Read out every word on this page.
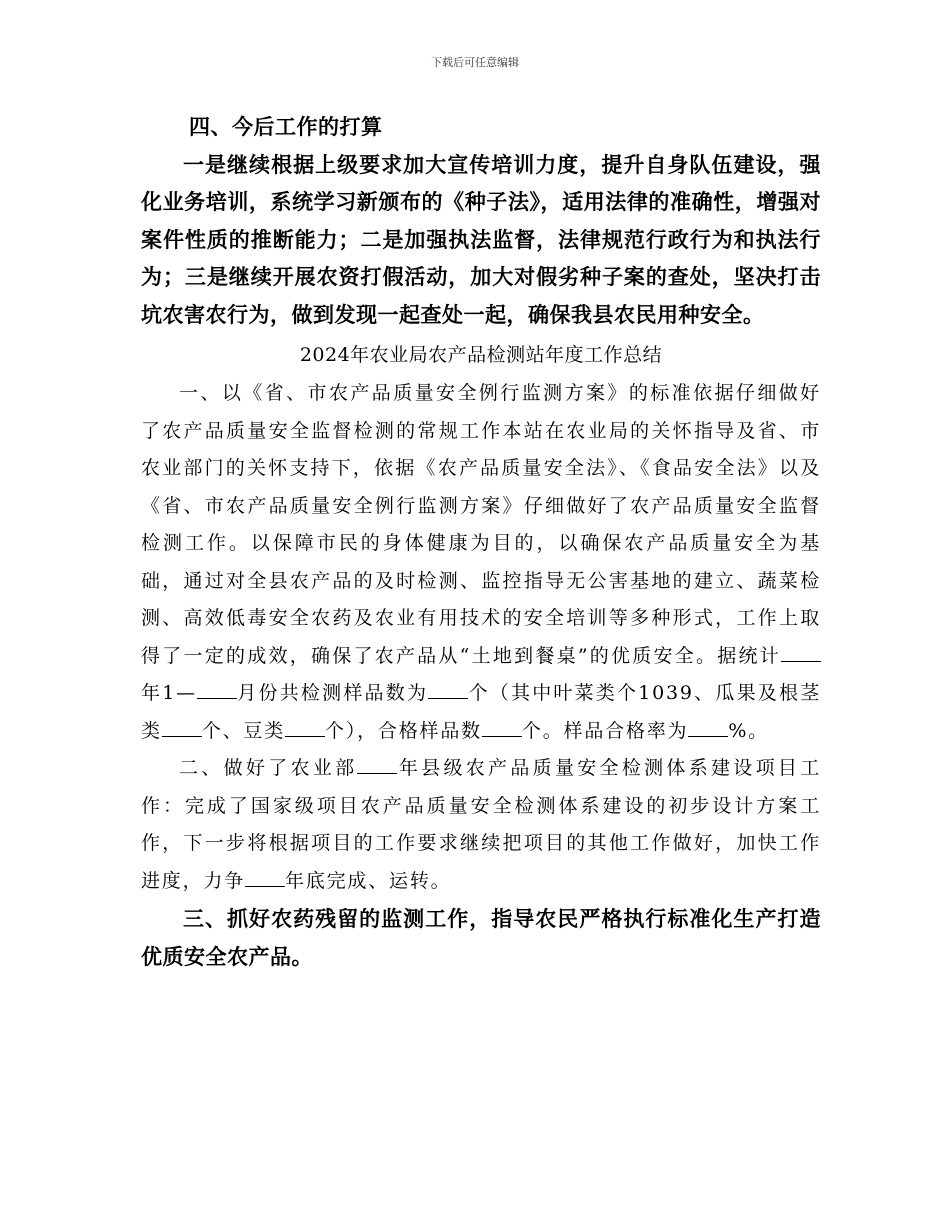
下载后可任意编辑

四、今后工作的打算

一是继续根据上级要求加大宣传培训力度，提升自身队伍建设，强化业务培训，系统学习新颁布的《种子法》，适用法律的准确性，增强对案件性质的推断能力；二是加强执法监督，法律规范行政行为和执法行为；三是继续开展农资打假活动，加大对假劣种子案的查处，坚决打击坑农害农行为，做到发现一起查处一起，确保我县农民用种安全。

2024年农业局农产品检测站年度工作总结

一、以《省、市农产品质量安全例行监测方案》的标准依据仔细做好了农产品质量安全监督检测的常规工作本站在农业局的关怀指导及省、市农业部门的关怀支持下，依据《农产品质量安全法》、《食品安全法》以及《省、市农产品质量安全例行监测方案》仔细做好了农产品质量安全监督检测工作。以保障市民的身体健康为目的，以确保农产品质量安全为基础，通过对全县农产品的及时检测、监控指导无公害基地的建立、蔬菜检测、高效低毒安全农药及农业有用技术的安全培训等多种形式，工作上取得了一定的成效，确保了农产品从“土地到餐桌”的优质安全。据统计年1— 月份共检测样品数为 个（其中叶菜类个1039、瓜果及根茎类 个、豆类 个），合格样品数 个。样品合格率为 %。

二、做好了农业部 年县级农产品质量安全检测体系建设项目工作：完成了国家级项目农产品质量安全检测体系建设的初步设计方案工作，下一步将根据项目的工作要求继续把项目的其他工作做好，加快工作进度，力争 年底完成、运转。

三、抓好农药残留的监测工作，指导农民严格执行标准化生产打造优质安全农产品。
